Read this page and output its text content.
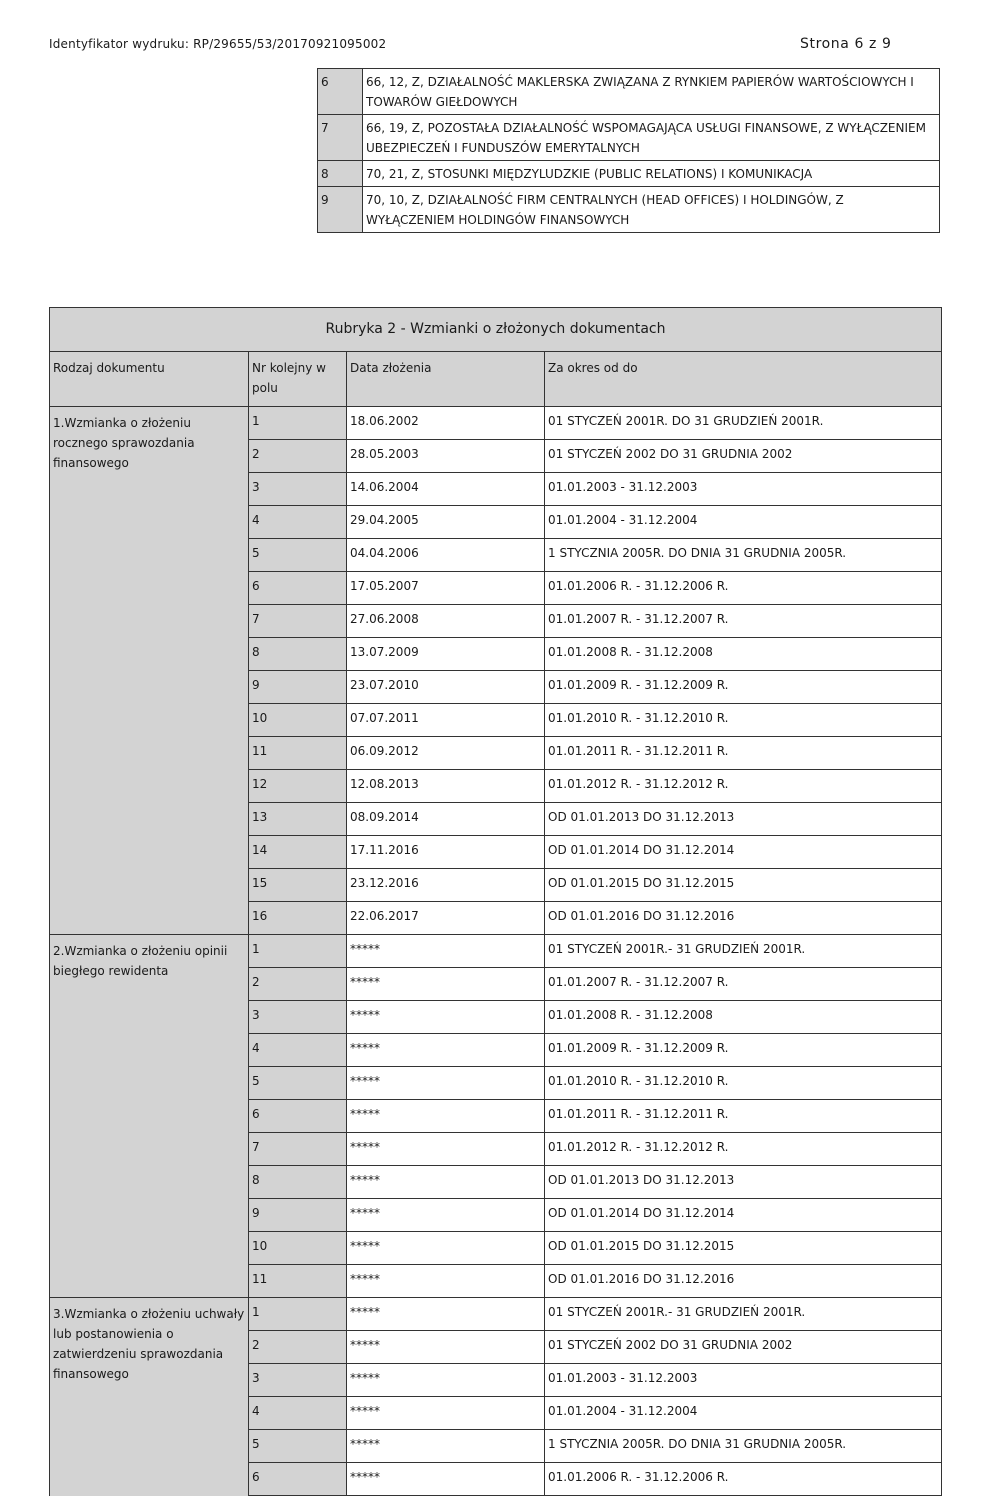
Identyfikator wydruku: RP/29655/53/20170921095002	Strona 6 z 9
6	66, 12, Z, DZIAŁALNOŚĆ MAKLERSKA ZWIĄZANA Z RYNKIEM PAPIERÓW WARTOŚCIOWYCH I TOWARÓW GIEŁDOWYCH
7	66, 19, Z, POZOSTAŁA DZIAŁALNOŚĆ WSPOMAGAJĄCA USŁUGI FINANSOWE, Z WYŁĄCZENIEM UBEZPIECZEŃ I FUNDUSZÓW EMERYTALNYCH
8	70, 21, Z, STOSUNKI MIĘDZYLUDZKIE (PUBLIC RELATIONS) I KOMUNIKACJA
9	70, 10, Z, DZIAŁALNOŚĆ FIRM CENTRALNYCH (HEAD OFFICES) I HOLDINGÓW, Z WYŁĄCZENIEM HOLDINGÓW FINANSOWYCH
Rubryka 2 - Wzmianki o złożonych dokumentach			
Rodzaj dokumentu	Nr kolejny w polu	Data złożenia	Za okres od do
1.Wzmianka o złożeniu rocznego sprawozdania finansowego	1	18.06.2002	01 STYCZEŃ 2001R. DO 31 GRUDZIEŃ 2001R.
	2	28.05.2003	01 STYCZEŃ 2002 DO 31 GRUDNIA 2002
	3	14.06.2004	01.01.2003 - 31.12.2003
	4	29.04.2005	01.01.2004 - 31.12.2004
	5	04.04.2006	1 STYCZNIA 2005R. DO DNIA 31 GRUDNIA 2005R.
	6	17.05.2007	01.01.2006 R. - 31.12.2006 R.
	7	27.06.2008	01.01.2007 R. - 31.12.2007 R.
	8	13.07.2009	01.01.2008 R. - 31.12.2008
	9	23.07.2010	01.01.2009 R. - 31.12.2009 R.
	10	07.07.2011	01.01.2010 R. - 31.12.2010 R.
	11	06.09.2012	01.01.2011 R. - 31.12.2011 R.
	12	12.08.2013	01.01.2012 R. - 31.12.2012 R.
	13	08.09.2014	OD 01.01.2013 DO 31.12.2013
	14	17.11.2016	OD 01.01.2014 DO 31.12.2014
	15	23.12.2016	OD 01.01.2015 DO 31.12.2015
	16	22.06.2017	OD 01.01.2016 DO 31.12.2016
2.Wzmianka o złożeniu opinii biegłego rewidenta	1	*****	01 STYCZEŃ 2001R.- 31 GRUDZIEŃ 2001R.
	2	*****	01.01.2007 R. - 31.12.2007 R.
	3	*****	01.01.2008 R. - 31.12.2008
	4	*****	01.01.2009 R. - 31.12.2009 R.
	5	*****	01.01.2010 R. - 31.12.2010 R.
	6	*****	01.01.2011 R. - 31.12.2011 R.
	7	*****	01.01.2012 R. - 31.12.2012 R.
	8	*****	OD 01.01.2013 DO 31.12.2013
	9	*****	OD 01.01.2014 DO 31.12.2014
	10	*****	OD 01.01.2015 DO 31.12.2015
	11	*****	OD 01.01.2016 DO 31.12.2016
3.Wzmianka o złożeniu uchwały lub postanowienia o zatwierdzeniu sprawozdania finansowego	1	*****	01 STYCZEŃ 2001R.- 31 GRUDZIEŃ 2001R.
	2	*****	01 STYCZEŃ 2002 DO 31 GRUDNIA 2002
	3	*****	01.01.2003 - 31.12.2003
	4	*****	01.01.2004 - 31.12.2004
	5	*****	1 STYCZNIA 2005R. DO DNIA 31 GRUDNIA 2005R.
	6	*****	01.01.2006 R. - 31.12.2006 R.
